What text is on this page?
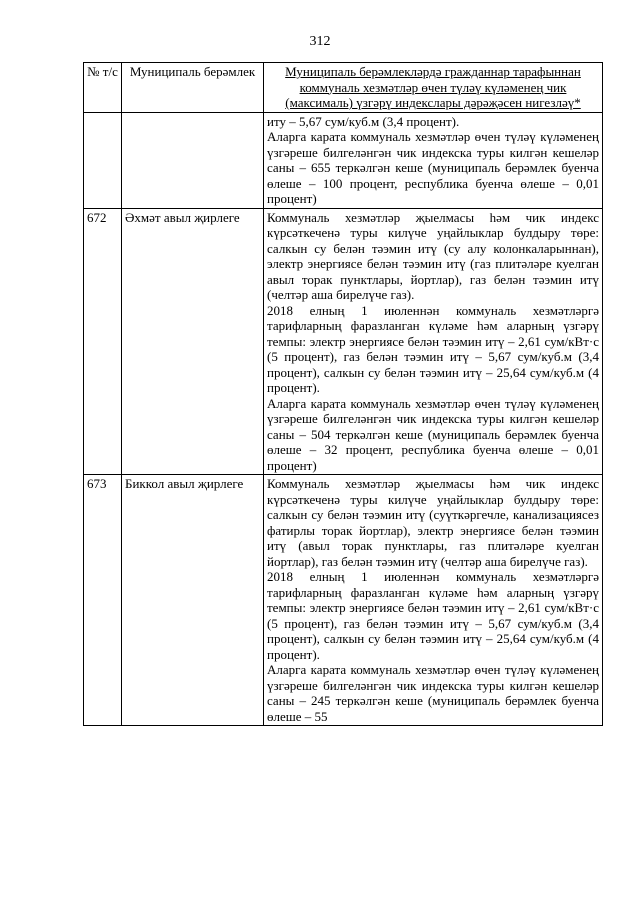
312
№ т/с	Муниципаль берәмлек	Муниципаль берәмлекләрдә гражданнар тарафыннан коммуналь хезмәтләр өчен түләү күләменең чик (максималь) үзгәрү индекслары дәрәҗәсен нигезләү*

		иту – 5,67 сум/куб.м (3,4 процент).

Аларга карата коммуналь хезмәтләр өчен түләү күләменең үзгәреше билгеләнгән чик индекска туры килгән кешеләр саны – 655 теркәлгән кеше (муниципаль берәмлек буенча өлеше – 100 процент, республика буенча өлеше – 0,01 процент)

672	Әхмәт авыл җирлеге	Коммуналь хезмәтләр җыелмасы һәм чик индекс күрсәткеченә туры килүче уңайлыклар булдыру төре: салкын су белән тәэмин итү (су алу колонкаларыннан), электр энергиясе белән тәэмин итү (газ плитәләре куелган авыл торак пунктлары, йортлар), газ белән тәэмин итү (челтәр аша бирелүче газ).

2018 елның 1 июленнән коммуналь хезмәтләргә тарифларның фаразланган күләме һәм аларның үзгәрү темпы: электр энергиясе белән тәэмин итү – 2,61 сум/кВт·с (5 процент), газ белән тәэмин итү – 5,67 сум/куб.м (3,4 процент), салкын су белән тәэмин итү – 25,64 сум/куб.м (4 процент).

Аларга карата коммуналь хезмәтләр өчен түләү күләменең үзгәреше билгеләнгән чик индекска туры килгән кешеләр саны – 504 теркәлгән кеше (муниципаль берәмлек буенча өлеше – 32 процент, республика буенча өлеше – 0,01 процент)

673	Биккол авыл җирлеге	Коммуналь хезмәтләр җыелмасы һәм чик индекс күрсәткеченә туры килүче уңайлыклар булдыру төре: салкын су белән тәэмин итү (суүткәргечле, канализациясез фатирлы торак йортлар), электр энергиясе белән тәэмин итү (авыл торак пунктлары, газ плитәләре куелган йортлар), газ белән тәэмин итү (челтәр аша бирелүче газ).

2018 елның 1 июленнән коммуналь хезмәтләргә тарифларның фаразланган күләме һәм аларның үзгәрү темпы: электр энергиясе белән тәэмин итү – 2,61 сум/кВт·с (5 процент), газ белән тәэмин итү – 5,67 сум/куб.м (3,4 процент), салкын су белән тәэмин итү – 25,64 сум/куб.м (4 процент).

Аларга карата коммуналь хезмәтләр өчен түләү күләменең үзгәреше билгеләнгән чик индекска туры килгән кешеләр саны – 245 теркәлгән кеше (муниципаль берәмлек буенча өлеше – 55
